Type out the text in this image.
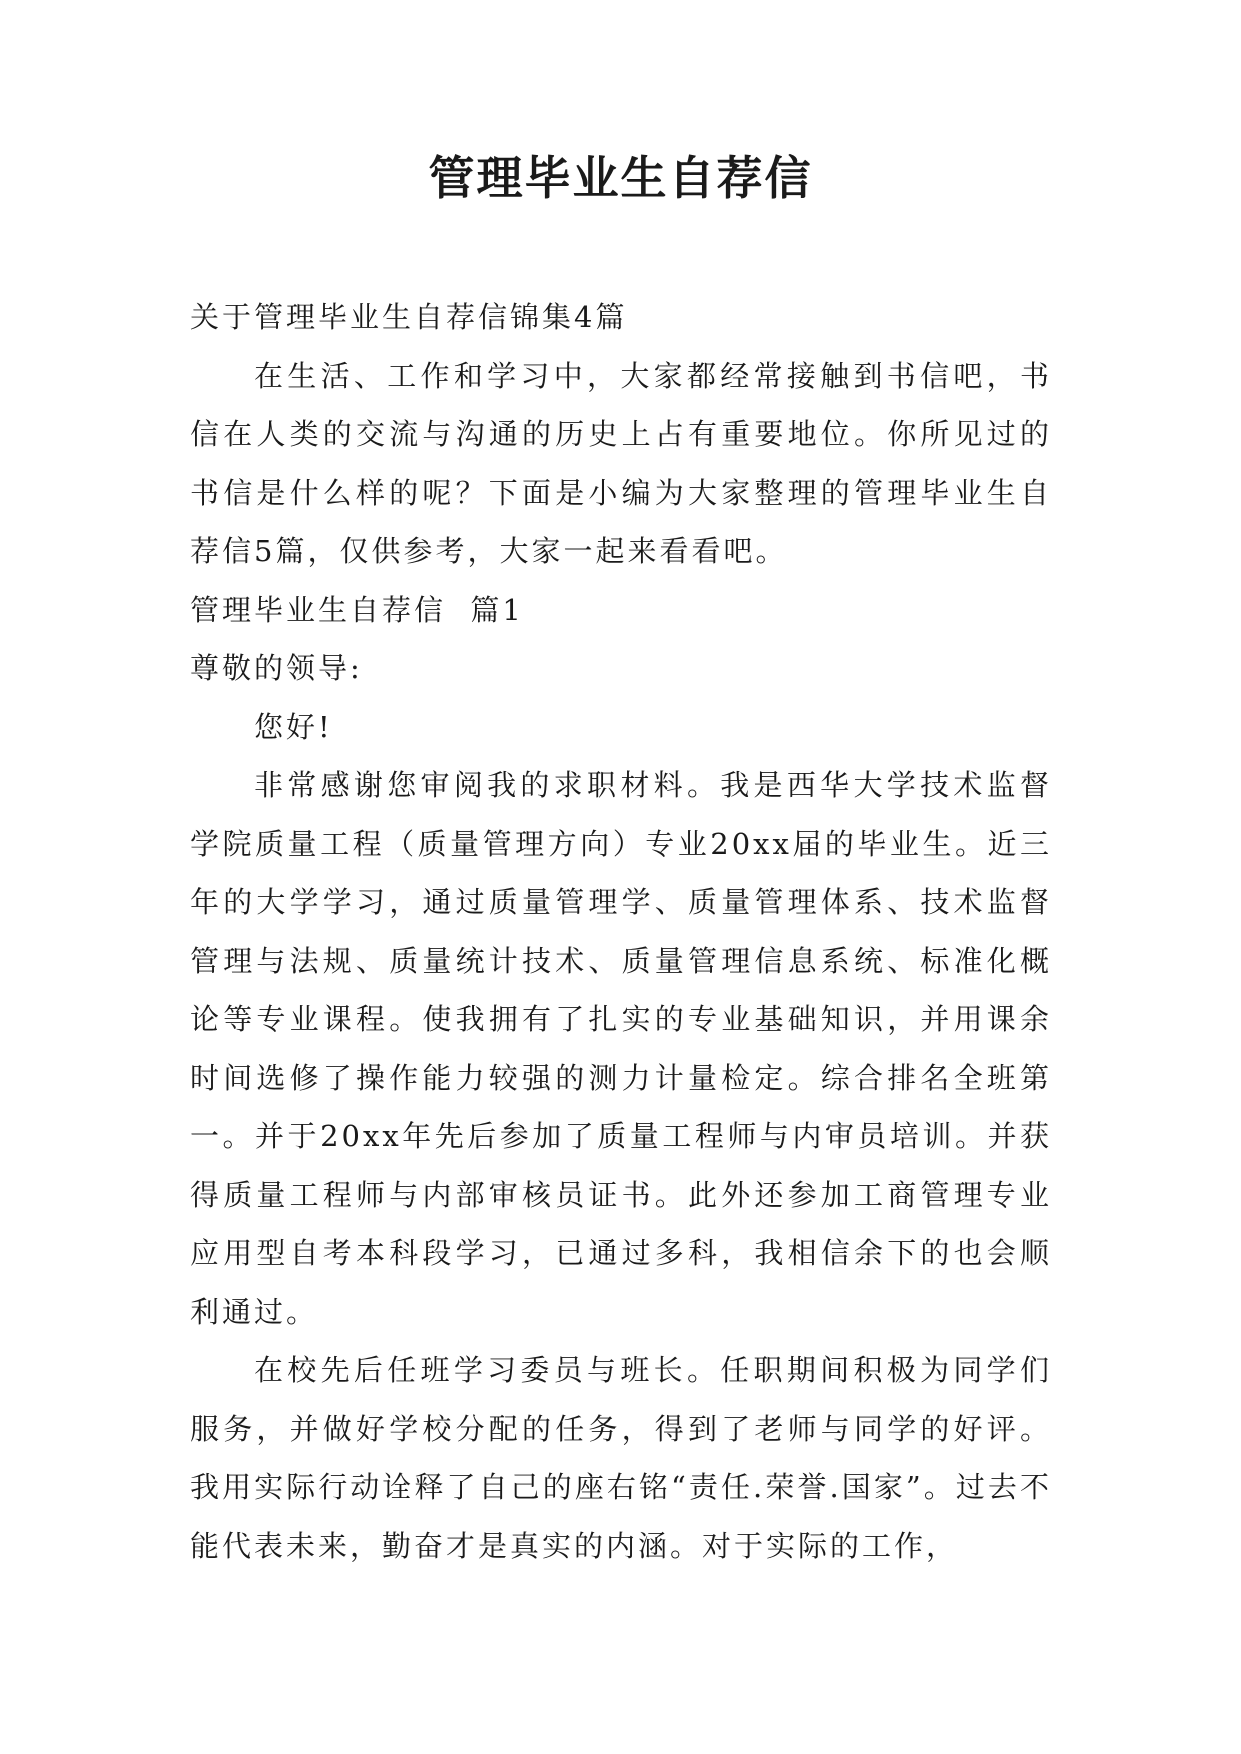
管理毕业生自荐信

关于管理毕业生自荐信锦集4篇

在生活、工作和学习中，大家都经常接触到书信吧，书信在人类的交流与沟通的历史上占有重要地位。你所见过的书信是什么样的呢？下面是小编为大家整理的管理毕业生自荐信5篇，仅供参考，大家一起来看看吧。

管理毕业生自荐信  篇1

尊敬的领导:

您好!

非常感谢您审阅我的求职材料。我是西华大学技术监督学院质量工程（质量管理方向）专业20xx届的毕业生。近三年的大学学习，通过质量管理学、质量管理体系、技术监督管理与法规、质量统计技术、质量管理信息系统、标准化概论等专业课程。使我拥有了扎实的专业基础知识，并用课余时间选修了操作能力较强的测力计量检定。综合排名全班第一。并于20xx年先后参加了质量工程师与内审员培训。并获得质量工程师与内部审核员证书。此外还参加工商管理专业应用型自考本科段学习，已通过多科，我相信余下的也会顺利通过。

在校先后任班学习委员与班长。任职期间积极为同学们服务，并做好学校分配的任务，得到了老师与同学的好评。我用实际行动诠释了自己的座右铭“责任.荣誉.国家”。过去不能代表未来，勤奋才是真实的内涵。对于实际的工作，
